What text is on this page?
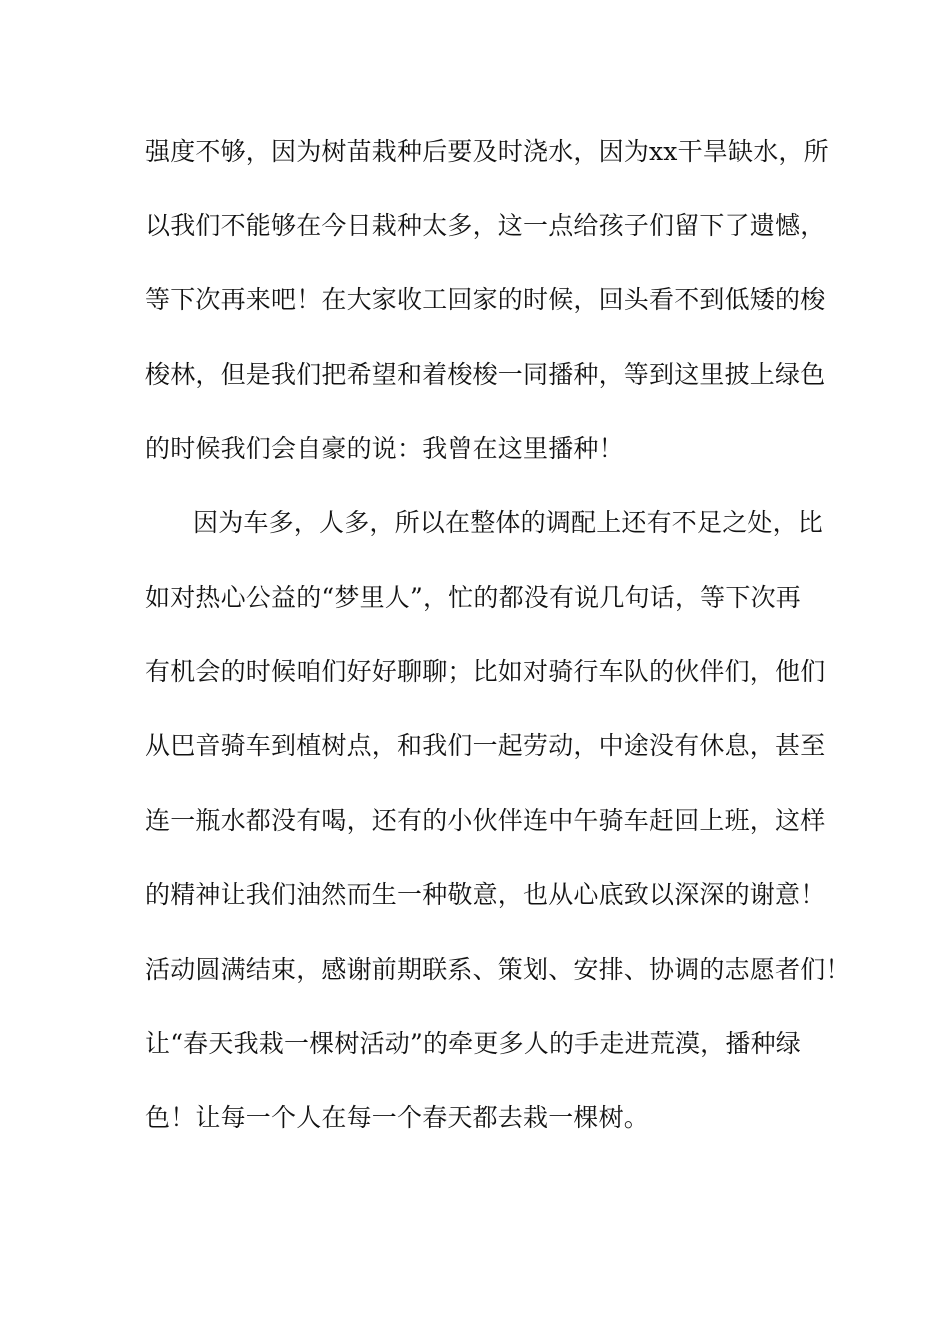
强度不够，因为树苗栽种后要及时浇水，因为xx干旱缺水，所
以我们不能够在今日栽种太多，这一点给孩子们留下了遗憾，
等下次再来吧！在大家收工回家的时候，回头看不到低矮的梭
梭林，但是我们把希望和着梭梭一同播种，等到这里披上绿色
的时候我们会自豪的说：我曾在这里播种！
因为车多，人多，所以在整体的调配上还有不足之处，比
如对热心公益的“梦里人”，忙的都没有说几句话，等下次再
有机会的时候咱们好好聊聊；比如对骑行车队的伙伴们，他们
从巴音骑车到植树点，和我们一起劳动，中途没有休息，甚至
连一瓶水都没有喝，还有的小伙伴连中午骑车赶回上班，这样
的精神让我们油然而生一种敬意，也从心底致以深深的谢意！
活动圆满结束，感谢前期联系、策划、安排、协调的志愿者们！
让“春天我栽一棵树活动”的牵更多人的手走进荒漠，播种绿
色！让每一个人在每一个春天都去栽一棵树。
